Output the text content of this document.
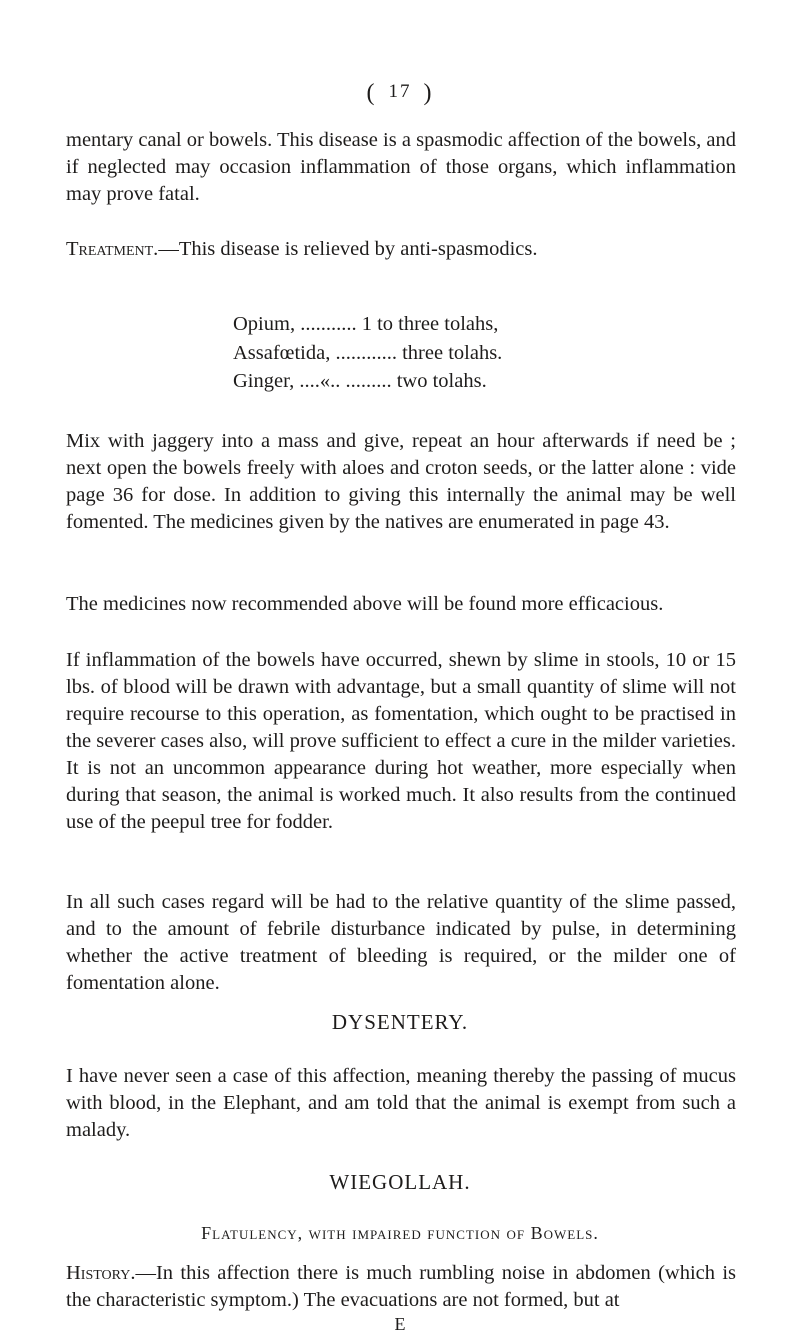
( 17 )
mentary canal or bowels. This disease is a spasmodic affection of the bowels, and if neglected may occasion inflammation of those organs, which inflammation may prove fatal.
Treatment.—This disease is relieved by anti-spasmodics.
Opium, ........... 1 to three tolahs,
Assafœtida, ............ three tolahs.
Ginger, ....«.. ......... two tolahs.
Mix with jaggery into a mass and give, repeat an hour afterwards if need be ; next open the bowels freely with aloes and croton seeds, or the latter alone : vide page 36 for dose. In addition to giving this internally the animal may be well fomented. The medicines given by the natives are enumerated in page 43.
The medicines now recommended above will be found more efficacious.
If inflammation of the bowels have occurred, shewn by slime in stools, 10 or 15 lbs. of blood will be drawn with advantage, but a small quantity of slime will not require recourse to this operation, as fomentation, which ought to be practised in the severer cases also, will prove sufficient to effect a cure in the milder varieties. It is not an uncommon appearance during hot weather, more especially when during that season, the animal is worked much. It also results from the continued use of the peepul tree for fodder.
In all such cases regard will be had to the relative quantity of the slime passed, and to the amount of febrile disturbance indicated by pulse, in determining whether the active treatment of bleeding is required, or the milder one of fomentation alone.
DYSENTERY.
I have never seen a case of this affection, meaning thereby the passing of mucus with blood, in the Elephant, and am told that the animal is exempt from such a malady.
WIEGOLLAH.
Flatulency, with impaired function of Bowels.
History.—In this affection there is much rumbling noise in abdomen (which is the characteristic symptom.) The evacuations are not formed, but at
E
